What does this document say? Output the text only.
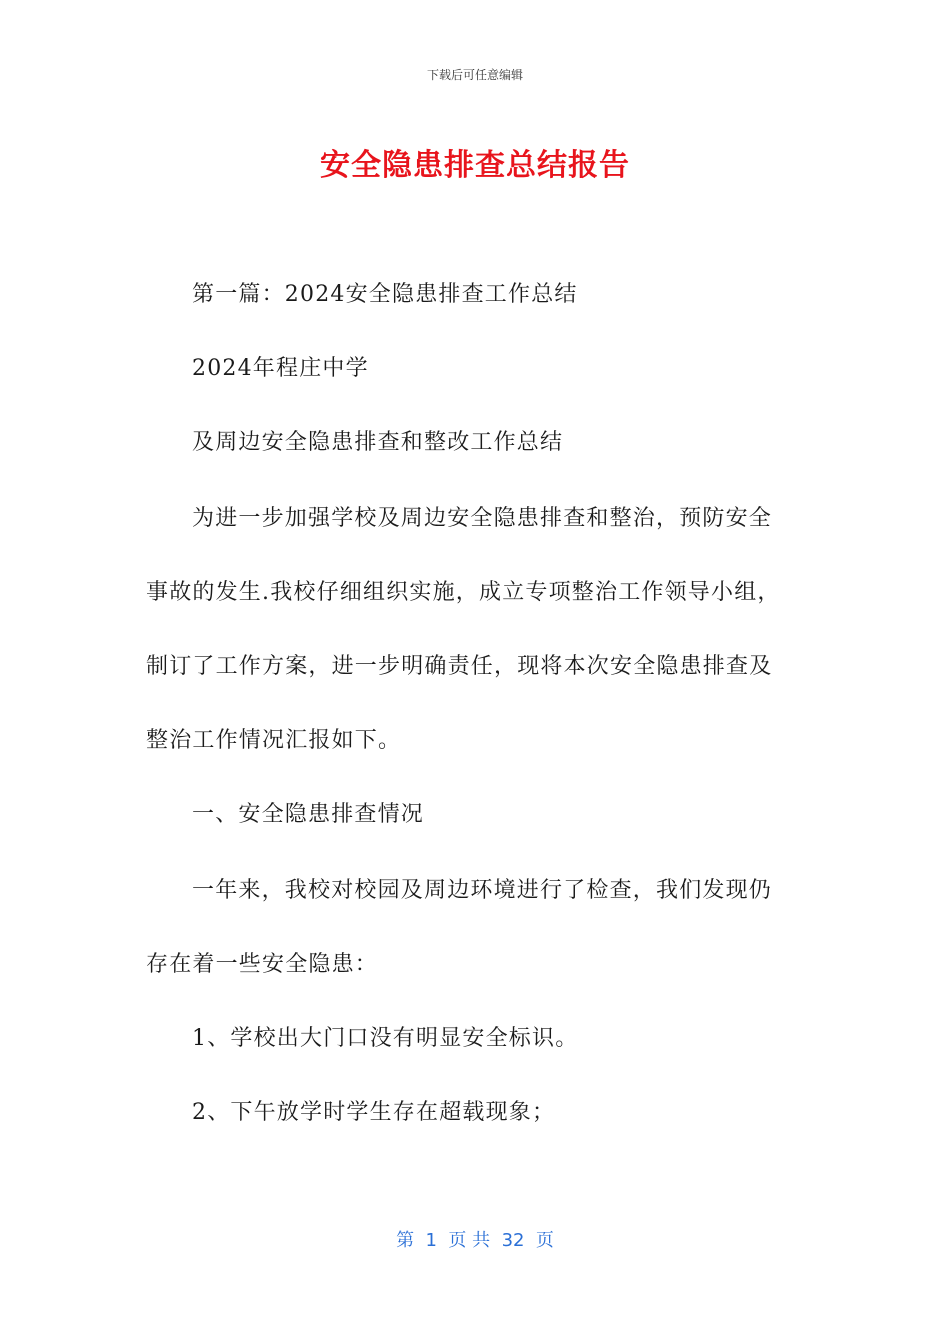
下载后可任意编辑
安全隐患排查总结报告
第一篇：2024安全隐患排查工作总结
2024年程庄中学
及周边安全隐患排查和整改工作总结
为进一步加强学校及周边安全隐患排查和整治，预防安全
事故的发生.我校仔细组织实施，成立专项整治工作领导小组，
制订了工作方案，进一步明确责任，现将本次安全隐患排查及
整治工作情况汇报如下。
一、安全隐患排查情况
一年来，我校对校园及周边环境进行了检查，我们发现仍
存在着一些安全隐患：
1、学校出大门口没有明显安全标识。
2、下午放学时学生存在超载现象；
第  1  页 共  32  页
